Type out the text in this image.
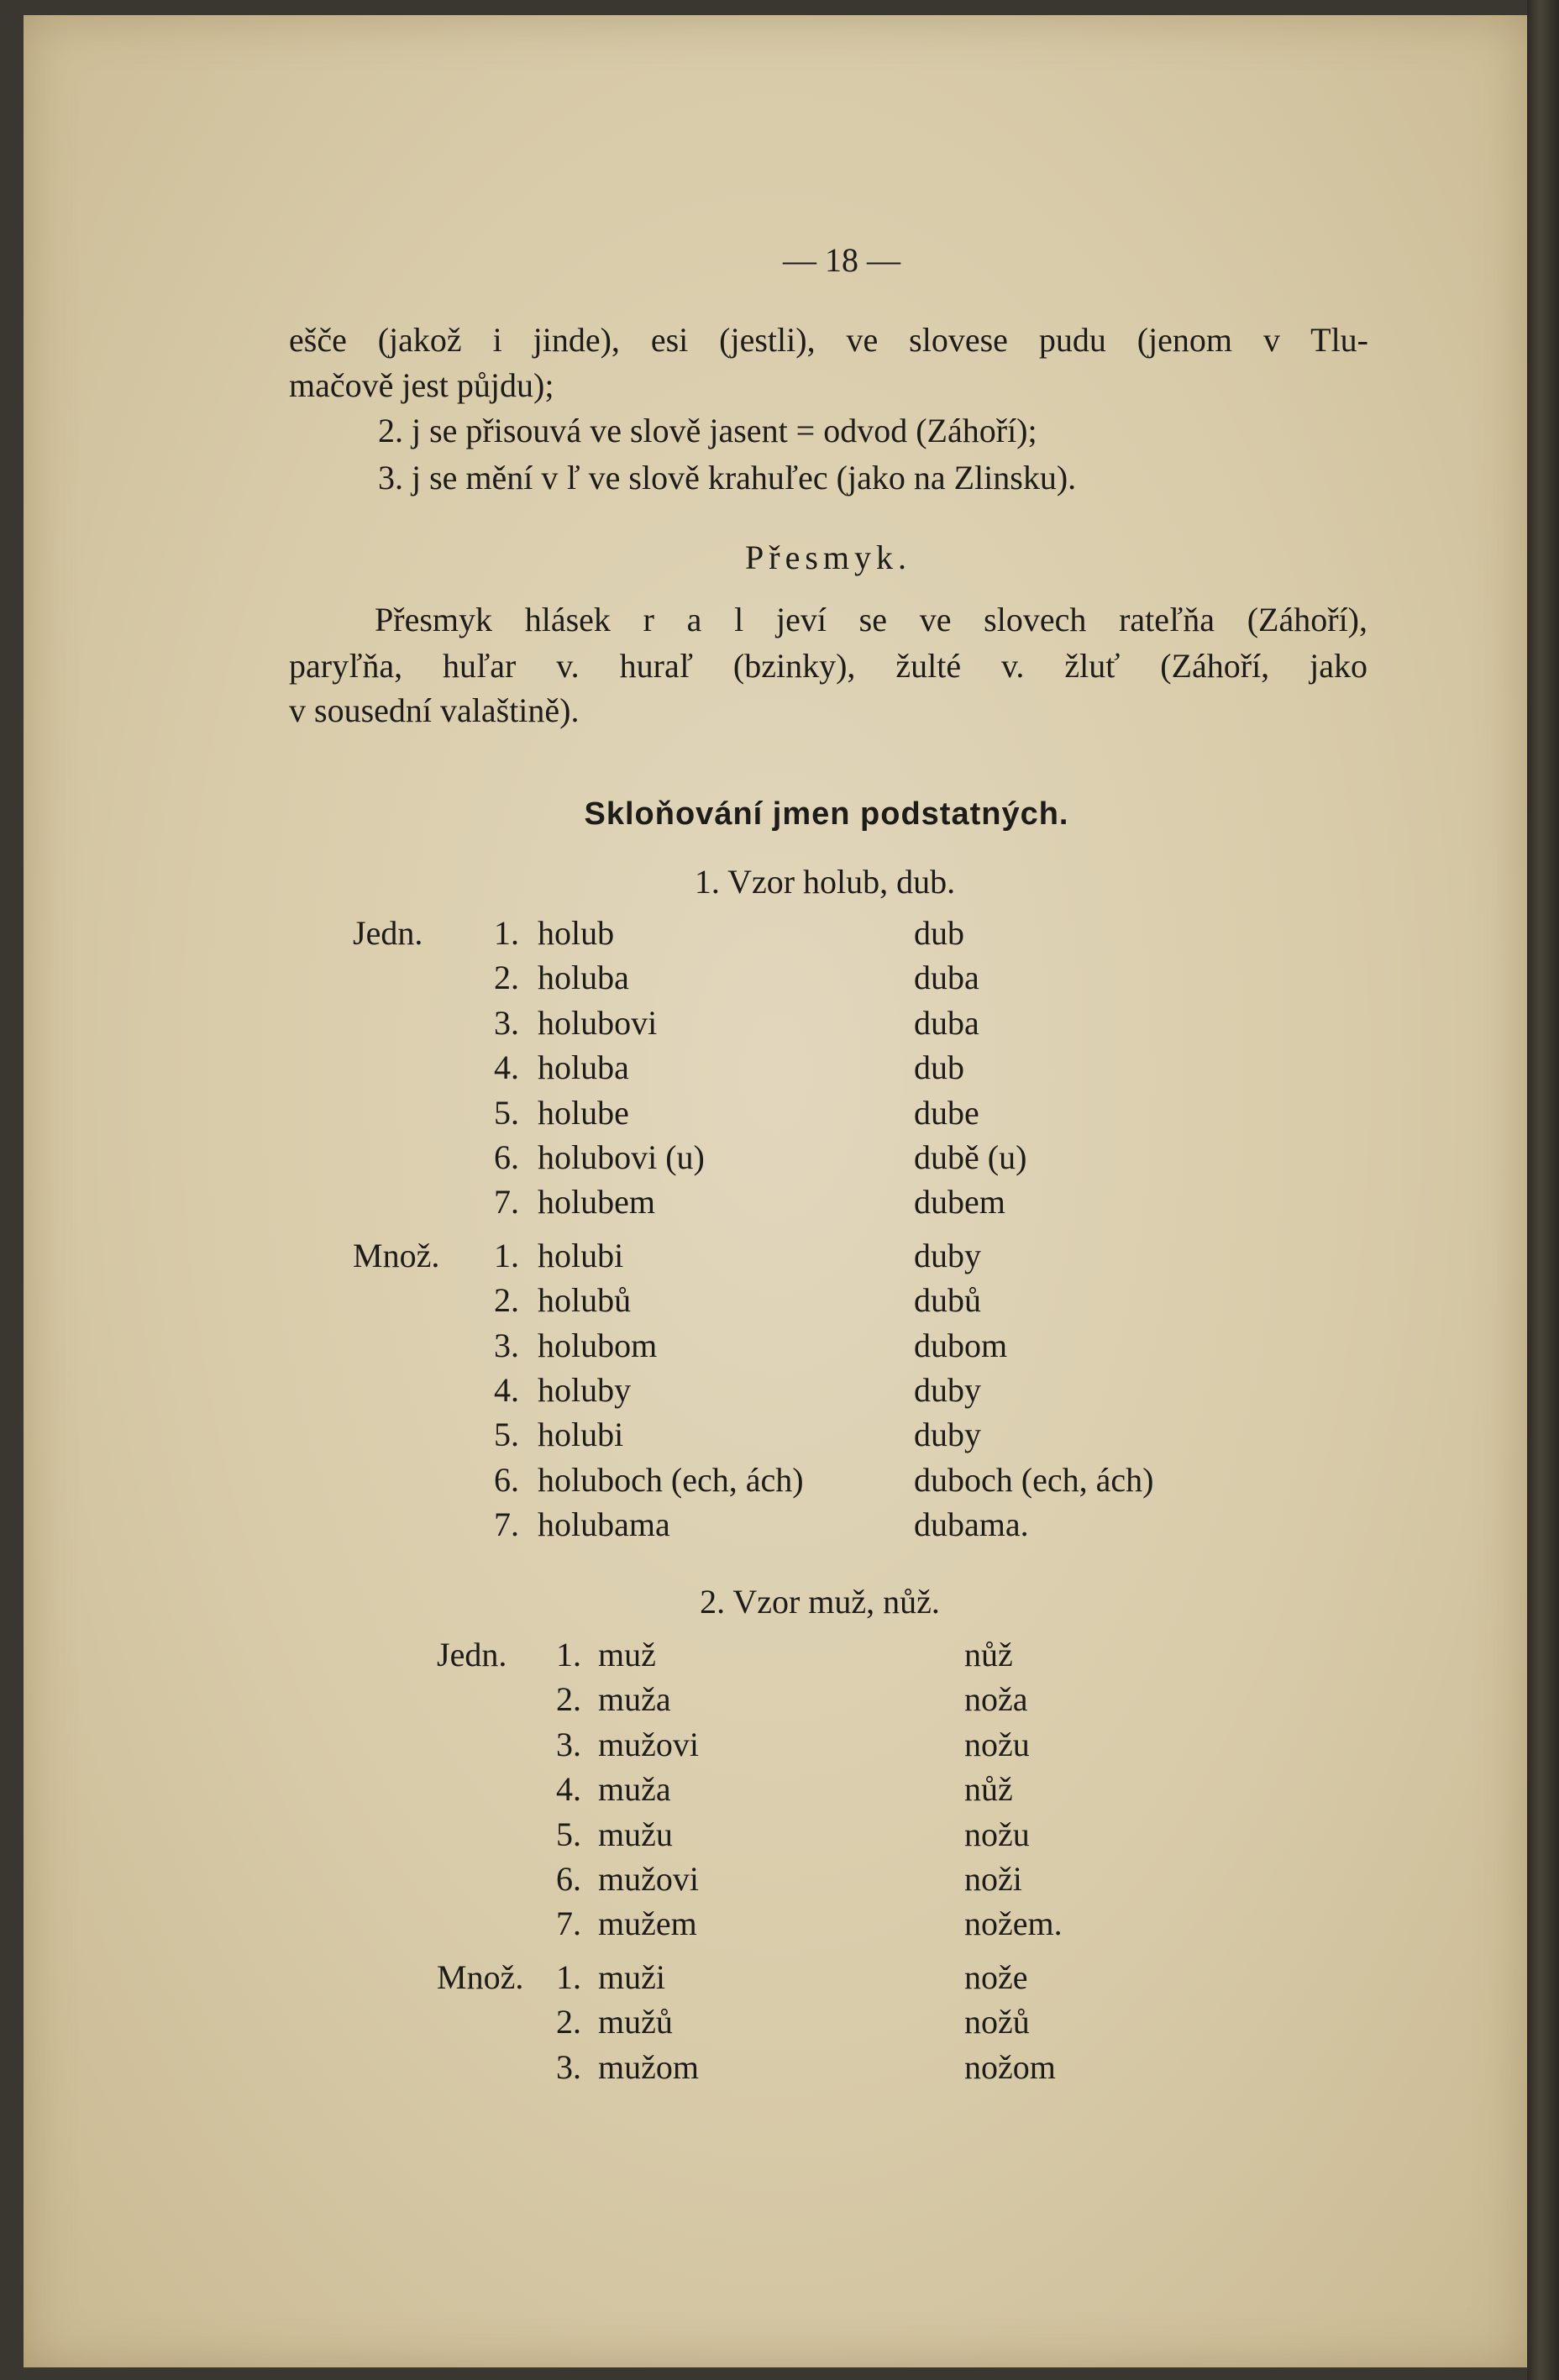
— 18 —
ešče (jakož i jinde), esi (jestli), ve slovese pudu (jenom v Tlu-
mačově jest půjdu);
2. j se přisouvá ve slově jasent = odvod (Záhoří);
3. j se mění v ľ ve slově krahuľec (jako na Zlinsku).
Přesmyk.
Přesmyk hlásek r a l jeví se ve slovech rateľňa (Záhoří),
paryľňa, huľar v. huraľ (bzinky), žulté v. žluť (Záhoří, jako
v sousední valaštině).
Skloňování jmen podstatných.
1. Vzor holub, dub.
Jedn. 1. holub	dub
2. holuba	duba
3. holubovi	duba
4. holuba	dub
5. holube	dube
6. holubovi (u)	dubě (u)
7. holubem	dubem
Množ. 1. holubi	duby
2. holubů	dubů
3. holubom	dubom
4. holuby	duby
5. holubi	duby
6. holuboch (ech, ách)	duboch (ech, ách)
7. holubama	dubama.
2. Vzor muž, nůž.
Jedn. 1. muž	nůž
2. muža	noža
3. mužovi	nožu
4. muža	nůž
5. mužu	nožu
6. mužovi	noži
7. mužem	nožem.
Množ. 1. muži	nože
2. mužů	nožů
3. mužom	nožom
